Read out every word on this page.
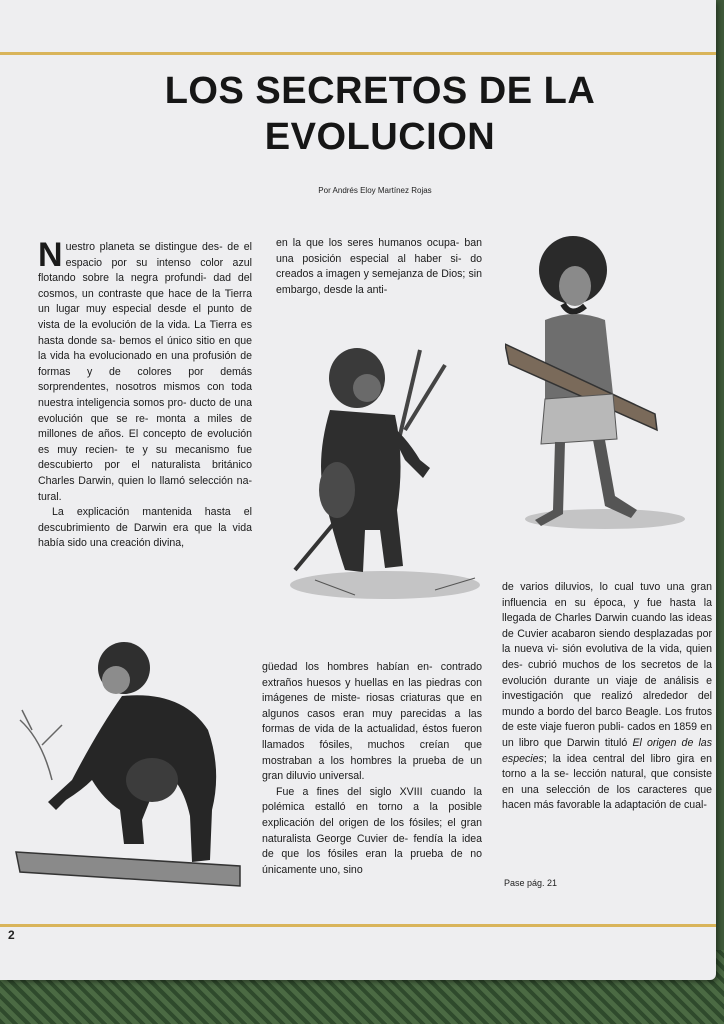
LOS SECRETOS DE LA EVOLUCION
Por Andrés Eloy Martínez Rojas

Nuestro planeta se distingue des- de el espacio por su intenso color azul flotando sobre la negra profundi- dad del cosmos, un contraste que hace de la Tierra un lugar muy especial desde el punto de vista de la evolución de la vida. La Tierra es hasta donde sa- bemos el único sitio en que la vida ha evolucionado en una profusión de formas y de colores por demás sorprendentes, nosotros mismos con toda nuestra inteligencia somos pro- ducto de una evolución que se re- monta a miles de millones de años. El concepto de evolución es muy recien- te y su mecanismo fue descubierto por el naturalista británico Charles Darwin, quien lo llamó selección na- tural.

La explicación mantenida hasta el descubrimiento de Darwin era que la vida había sido una creación divina,

en la que los seres humanos ocupa- ban una posición especial al haber si- do creados a imagen y semejanza de Dios; sin embargo, desde la anti-

güedad los hombres habían en- contrado extraños huesos y huellas en las piedras con imágenes de miste- riosas criaturas que en algunos casos eran muy parecidas a las formas de vida de la actualidad, éstos fueron llamados fósiles, muchos creían que mostraban a los hombres la prueba de un gran diluvio universal.

Fue a fines del siglo XVIII cuando la polémica estalló en torno a la posible explicación del origen de los fósiles; el gran naturalista George Cuvier de- fendía la idea de que los fósiles eran la prueba de no únicamente uno, sino

de varios diluvios, lo cual tuvo una gran influencia en su época, y fue hasta la llegada de Charles Darwin cuando las ideas de Cuvier acabaron siendo desplazadas por la nueva vi- sión evolutiva de la vida, quien des- cubrió muchos de los secretos de la evolución durante un viaje de análisis e investigación que realizó alrededor del mundo a bordo del barco Beagle. Los frutos de este viaje fueron publi- cados en 1859 en un libro que Darwin tituló El origen de las especies; la idea central del libro gira en torno a la se- lección natural, que consiste en una selección de los caracteres que hacen más favorable la adaptación de cual-

Pase pág. 21
2
